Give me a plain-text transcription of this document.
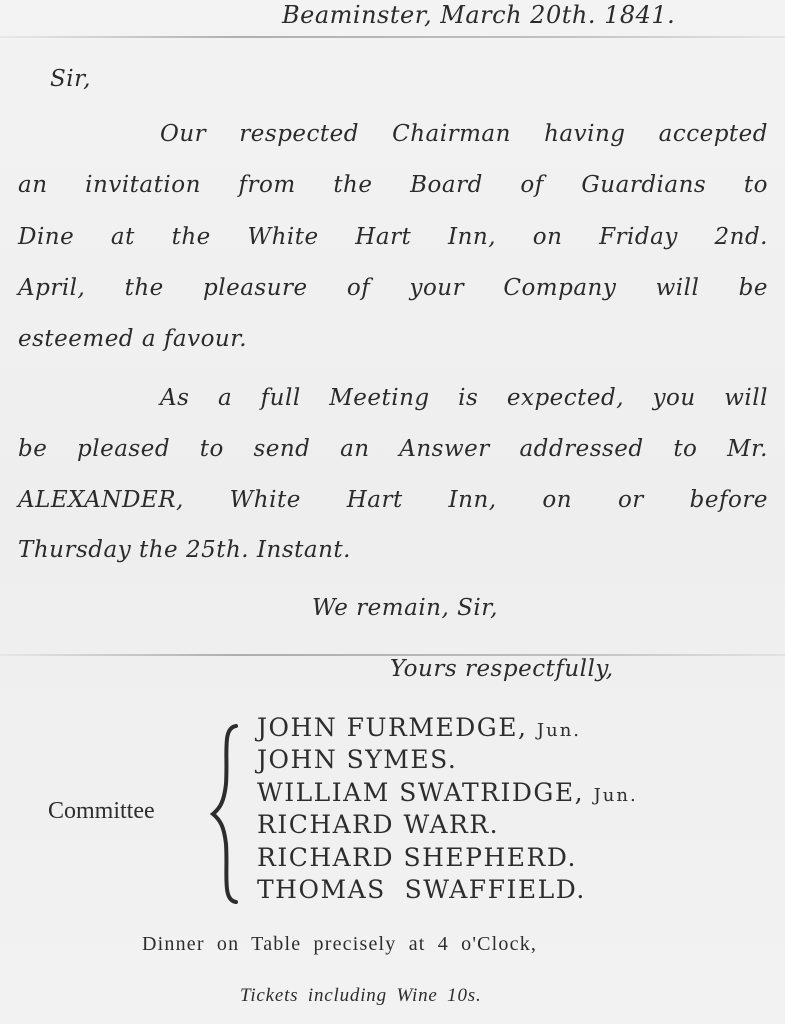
Beaminster, March 20th. 1841.
Sir,
Our respected Chairman having accepted
an invitation from the Board of Guardians to
Dine at the White Hart Inn, on Friday 2nd.
April, the pleasure of your Company will be
esteemed a favour.
As a full Meeting is expected, you will
be pleased to send an Answer addressed to Mr.
ALEXANDER, White Hart Inn, on or before
Thursday the 25th. Instant.
We remain, Sir,
Yours respectfully,
Committee
JOHN FURMEDGE, Jun.
JOHN SYMES.
WILLIAM SWATRIDGE, Jun.
RICHARD WARR.
RICHARD SHEPHERD.
THOMAS  SWAFFIELD.
Dinner on Table precisely at 4 o'Clock,
Tickets including Wine 10s.
